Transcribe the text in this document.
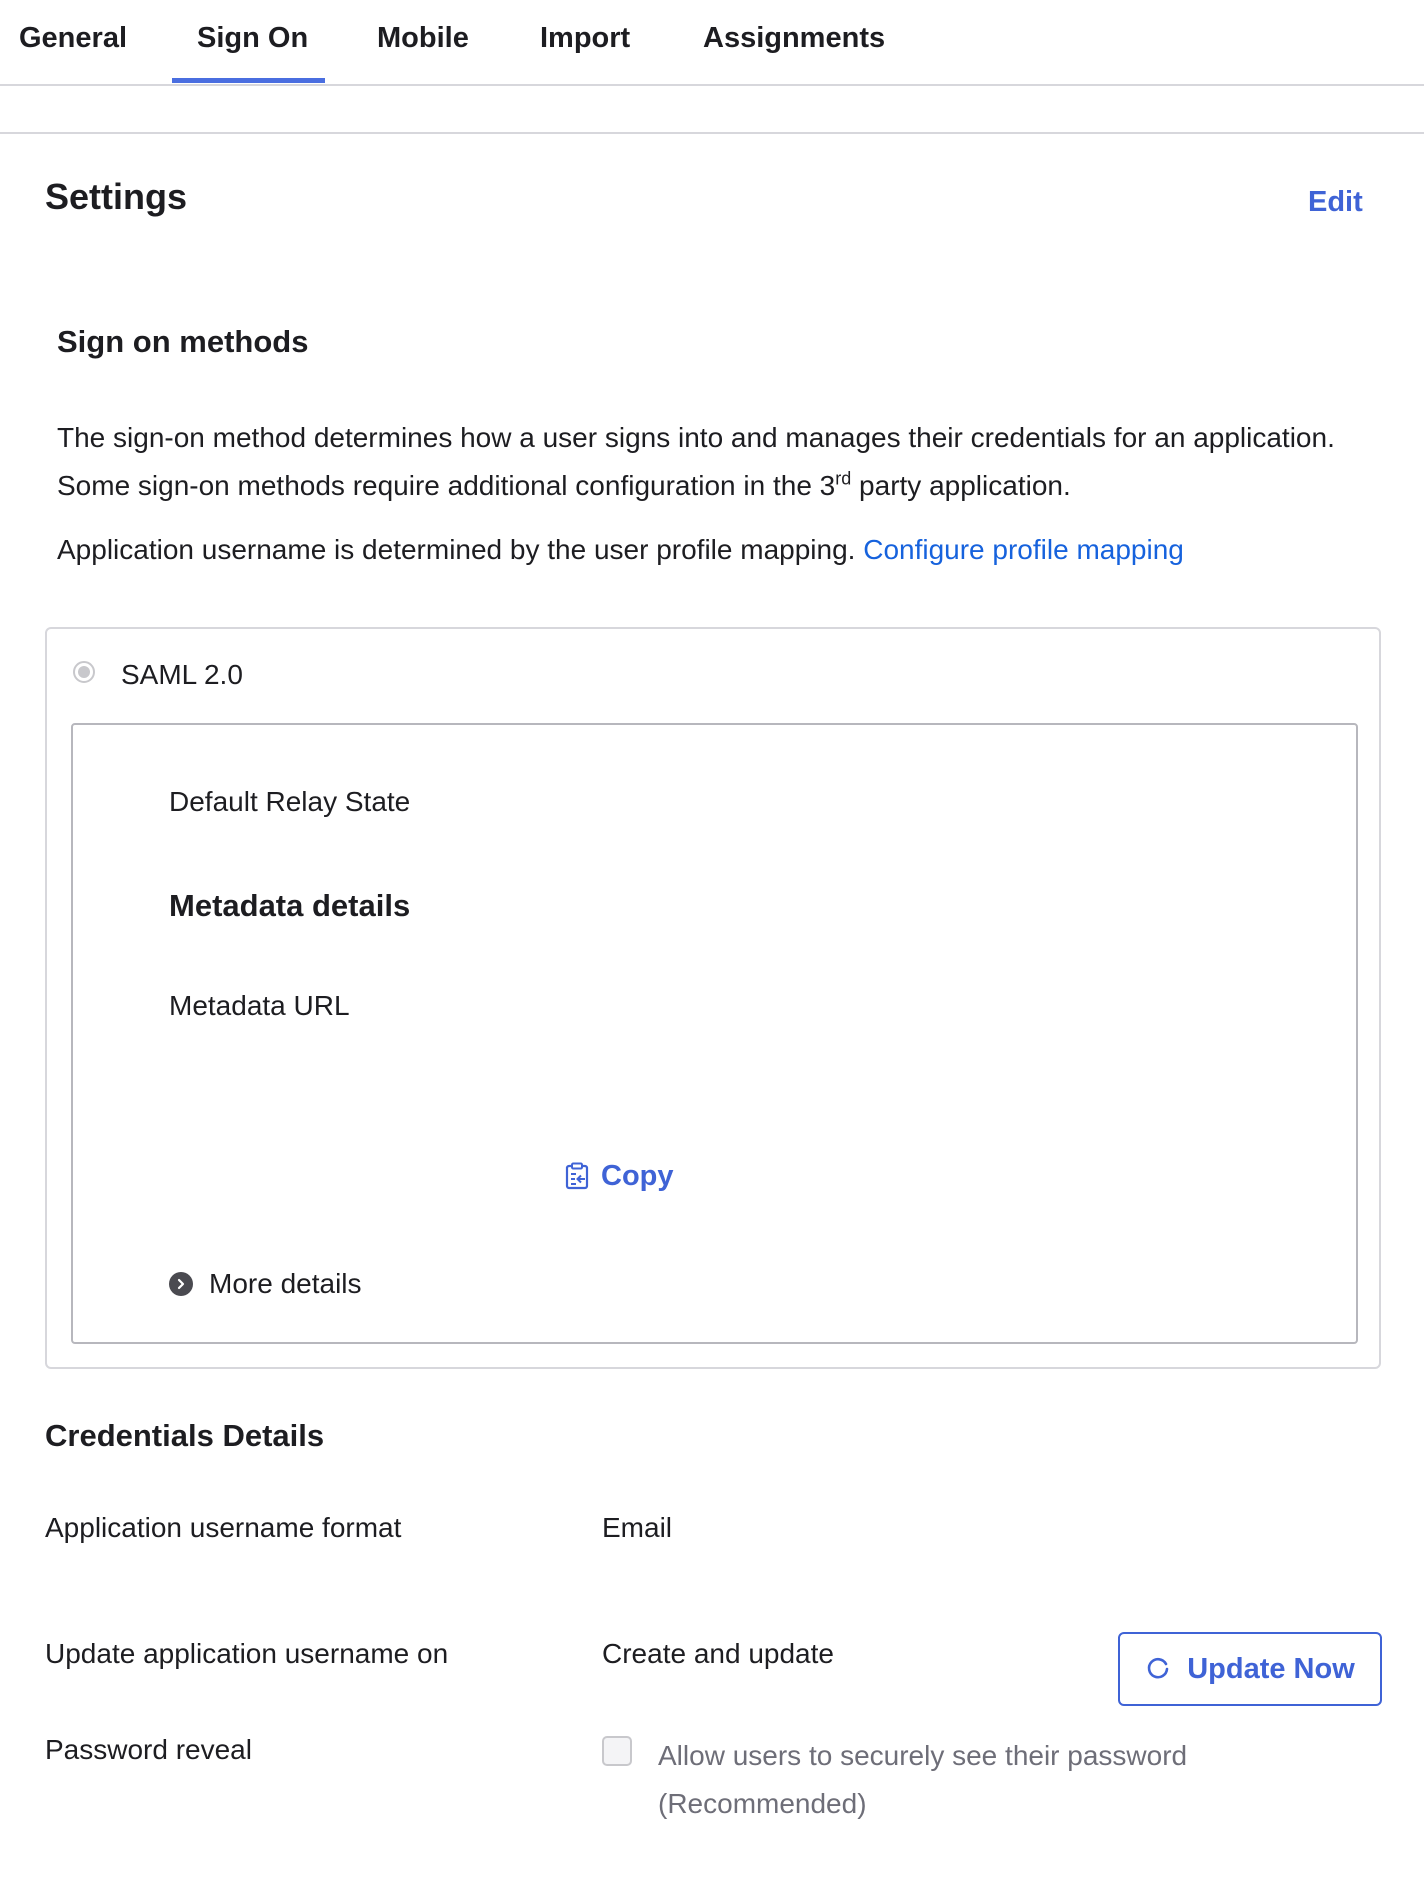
General Sign On Mobile Import	Assignments
Settings	Edit
Sign on methods
The sign-on method determines how a user signs into and manages their credentials for an application. Some sign-on methods require additional configuration in the 3rd party application.
Application username is determined by the user profile mapping. Configure profile mapping
SAML 2.0
Default Relay State
Metadata details
Metadata URL
Copy
More details
Credentials Details
Application username format	Email
Update application username on	Create and update	Update Now
Password reveal	Allow users to securely see their password (Recommended)
